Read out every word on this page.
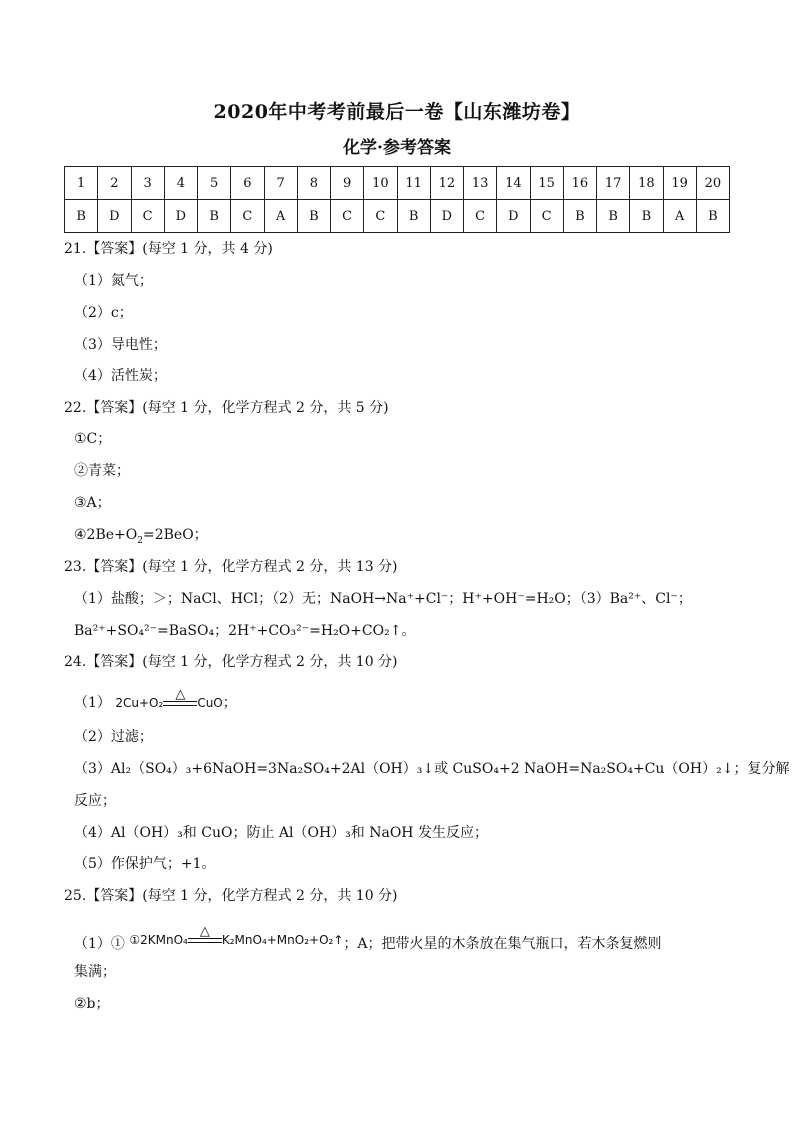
2020年中考考前最后一卷【山东潍坊卷】
化学·参考答案
1	2	3	4	5	6	7	8	9	10	11	12	13	14	15	16	17	18	19	20
B	D	C	D	B	C	A	B	C	C	B	D	C	D	C	B	B	B	A	B
21.【答案】(每空 1 分，共 4 分)
（1）氮气；
（2）c；
（3）导电性；
（4）活性炭；
22.【答案】(每空 1 分，化学方程式 2 分，共 5 分)
①C；
②青菜；
③A；
$④2Be+O_2=2BeO$；
23.【答案】(每空 1 分，化学方程式 2 分，共 13 分)
（1）盐酸；＞；NaCl、HCl；（2）无；NaOH→Na⁺+Cl⁻；H⁺+OH⁻=H₂O；（3）Ba²⁺、Cl⁻；
Ba²⁺+SO₄²⁻=BaSO₄；2H⁺+CO₃²⁻=H₂O+CO₂↑。
24.【答案】(每空 1 分，化学方程式 2 分，共 10 分)
（1） 2Cu+O₂
△
CuO；
（2）过滤；
（3）Al₂（SO₄）₃+6NaOH=3Na₂SO₄+2Al（OH）₃↓或 CuSO₄+2 NaOH=Na₂SO₄+Cu（OH）₂↓；复分解
反应；
（4）Al（OH）₃和 CuO；防止 Al（OH）₃和 NaOH 发生反应；
（5）作保护气；+1。
25.【答案】(每空 1 分，化学方程式 2 分，共 10 分)
（1）① ①2KMnO₄
△
K₂MnO₄+MnO₂+O₂↑；A；把带火星的木条放在集气瓶口，若木条复燃则
集满；
②b；
